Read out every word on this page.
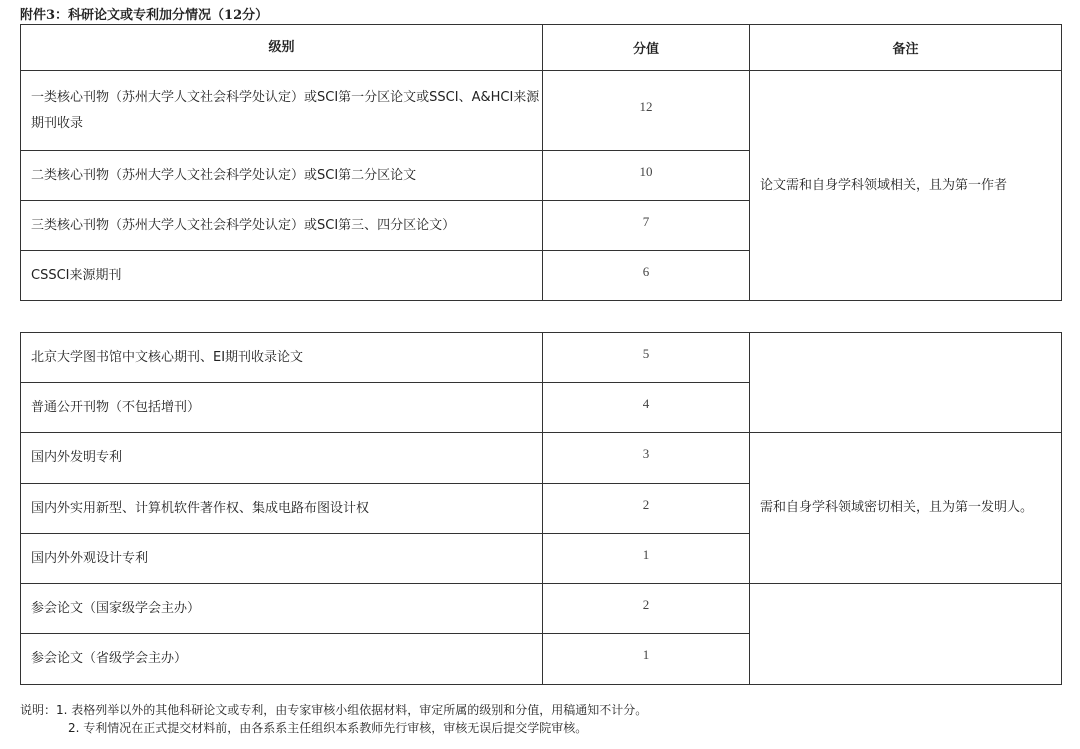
附件3：科研论文或专利加分情况（12分）
级别	分值	备注
一类核心刊物（苏州大学人文社会科学处认定）或SCI第一分区论文或SSCI、A&HCI来源期刊收录	12	论文需和自身学科领域相关，且为第一作者
二类核心刊物（苏州大学人文社会科学处认定）或SCI第二分区论文	10	
三类核心刊物（苏州大学人文社会科学处认定）或SCI第三、四分区论文）	7	
CSSCI来源期刊	6	
北京大学图书馆中文核心期刊、EI期刊收录论文	5	
普通公开刊物（不包括增刊）	4	
国内外发明专利	3	需和自身学科领域密切相关，且为第一发明人。
国内外实用新型、计算机软件著作权、集成电路布图设计权	2	
国内外外观设计专利	1	
参会论文（国家级学会主办）	2	
参会论文（省级学会主办）	1	
说明：1. 表格列举以外的其他科研论文或专利，由专家审核小组依据材料，审定所属的级别和分值，用稿通知不计分。
2. 专利情况在正式提交材料前，由各系系主任组织本系教师先行审核，审核无误后提交学院审核。
